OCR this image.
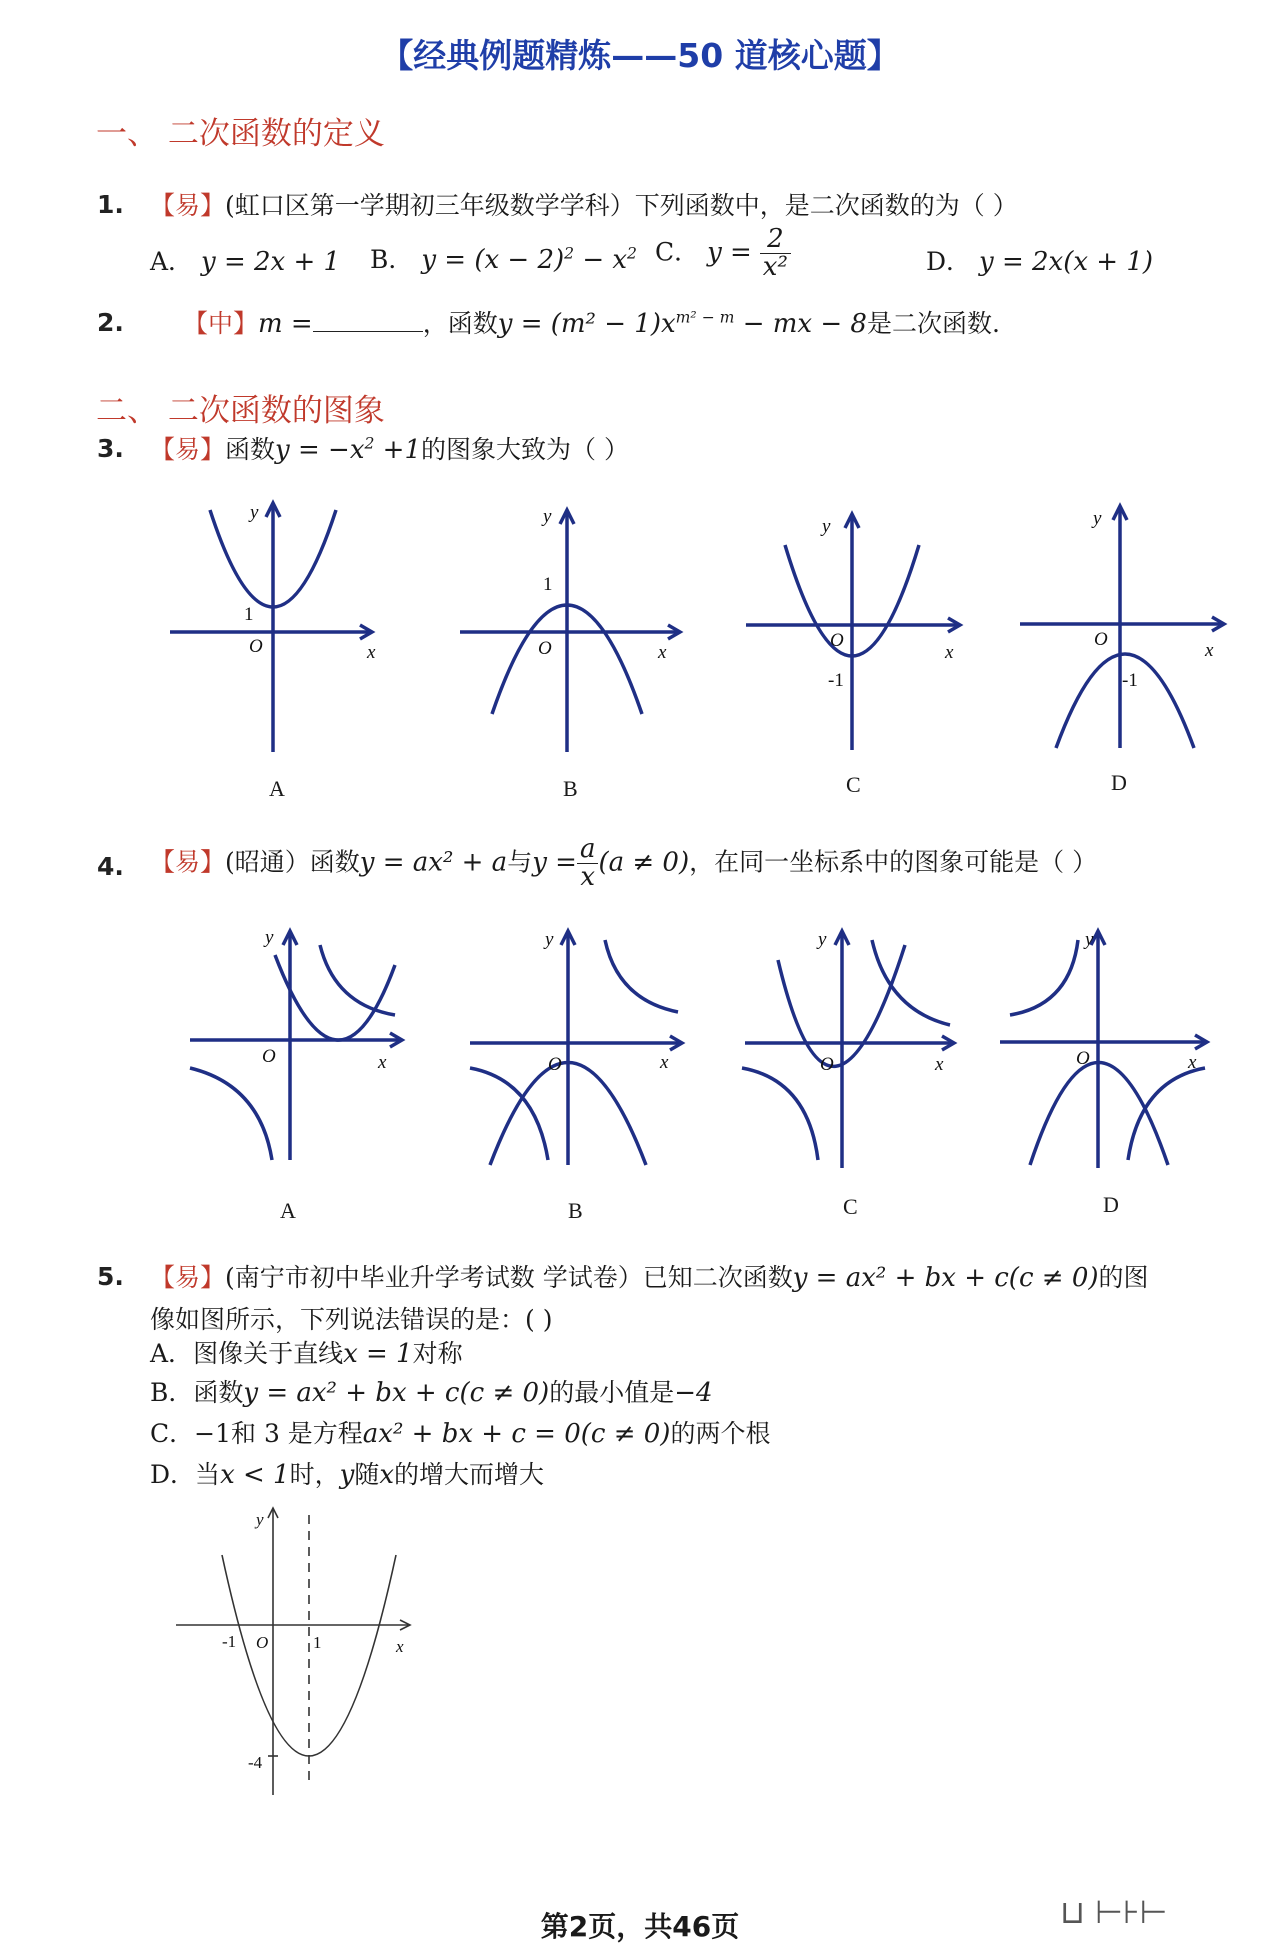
【经典例题精炼——50 道核心题】
一、 二次函数的定义
1. 【易】(虹口区第一学期初三年级数学学科）下列函数中，是二次函数的为（ ）
A． y = 2x + 1 B． $y = (x - 2)^2 - x^2$ C． $y = \frac{2}{\text{x²}}$	D． y = 2x(x + 1)
2. 【中】m =	，函数$y = (m^2 - 1)x^{m^2 - m}$ − mx − 8是二次函数.
二、 二次函数的图象
3. 【易】函数$y = -x^2 +1$的图象大致为（ ）
y
x
O
1
y
x
O
1
y
x
O
-1
y
x
O
-1
A	B	C	D
4. 【易】(昭通）函数y = ax² + a与$y = \frac{a}{x} (a \ne 0)$，在同一坐标系中的图象可能是（ ）
y
x
O
y
x
O
y
x
O
y
x
O
A	B	C	D
5. 【易】(南宁市初中毕业升学考试数 学试卷）已知二次函数y = ax² + bx + c(c ≠ 0)的图
像如图所示，下列说法错误的是：( )
A．图像关于直线x = 1对称
B．函数y = ax² + bx + c(c ≠ 0)的最小值是−4
C．−1和 3 是方程ax² + bx + c = 0(c ≠ 0)的两个根
D．当x < 1时，y随x的增大而增大
-1 O	1	x
y
-4
第2页，共46页	⊔ ⊢⊦⊢
